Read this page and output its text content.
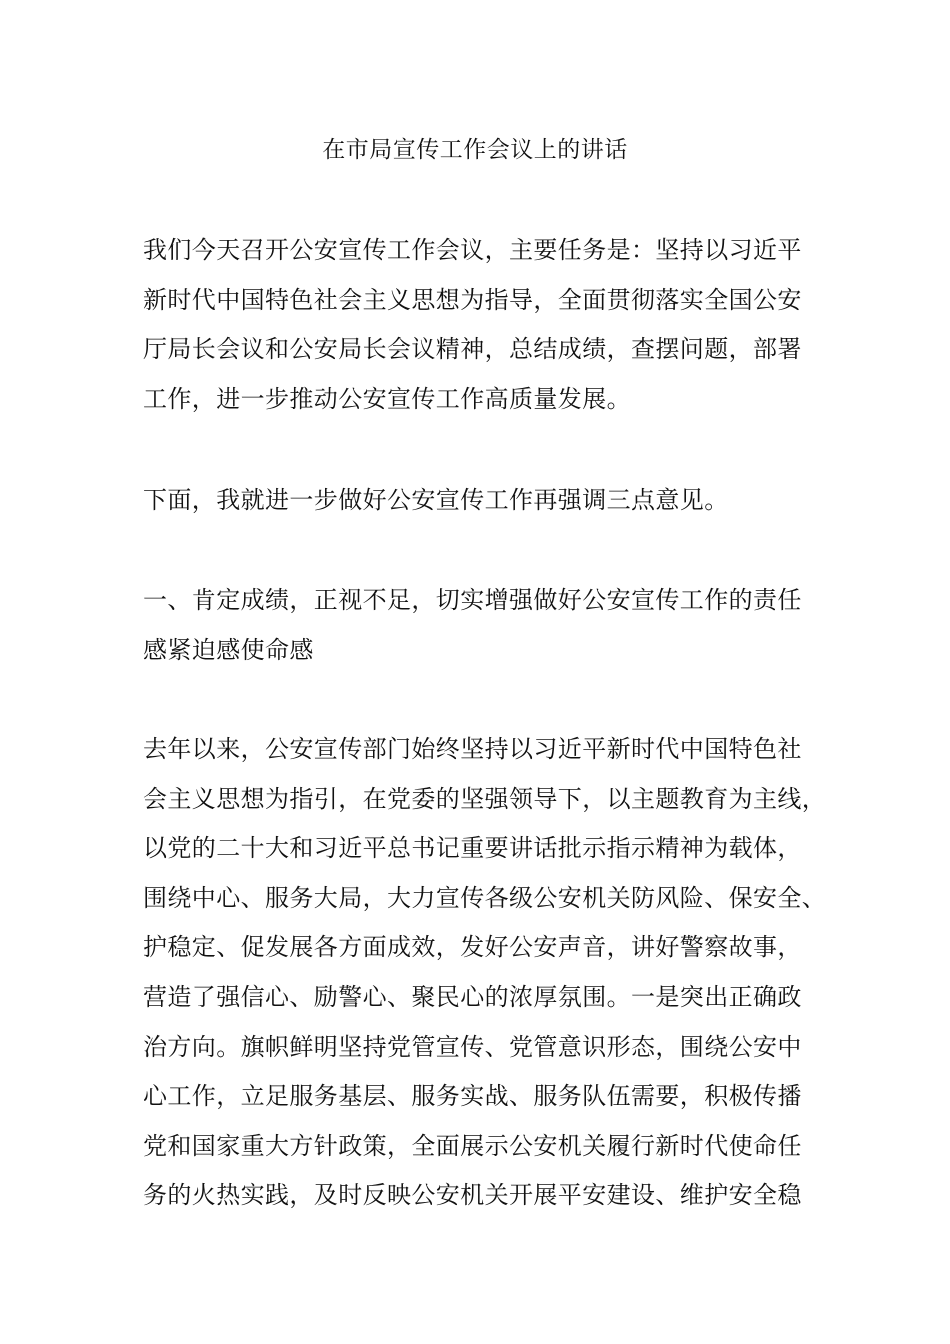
在市局宣传工作会议上的讲话
我们今天召开公安宣传工作会议，主要任务是：坚持以习近平
新时代中国特色社会主义思想为指导，全面贯彻落实全国公安
厅局长会议和公安局长会议精神，总结成绩，查摆问题，部署
工作，进一步推动公安宣传工作高质量发展。
下面，我就进一步做好公安宣传工作再强调三点意见。
一、肯定成绩，正视不足，切实增强做好公安宣传工作的责任
感紧迫感使命感
去年以来，公安宣传部门始终坚持以习近平新时代中国特色社
会主义思想为指引，在党委的坚强领导下，以主题教育为主线，
以党的二十大和习近平总书记重要讲话批示指示精神为载体，
围绕中心、服务大局，大力宣传各级公安机关防风险、保安全、
护稳定、促发展各方面成效，发好公安声音，讲好警察故事，
营造了强信心、励警心、聚民心的浓厚氛围。一是突出正确政
治方向。旗帜鲜明坚持党管宣传、党管意识形态，围绕公安中
心工作，立足服务基层、服务实战、服务队伍需要，积极传播
党和国家重大方针政策，全面展示公安机关履行新时代使命任
务的火热实践，及时反映公安机关开展平安建设、维护安全稳
